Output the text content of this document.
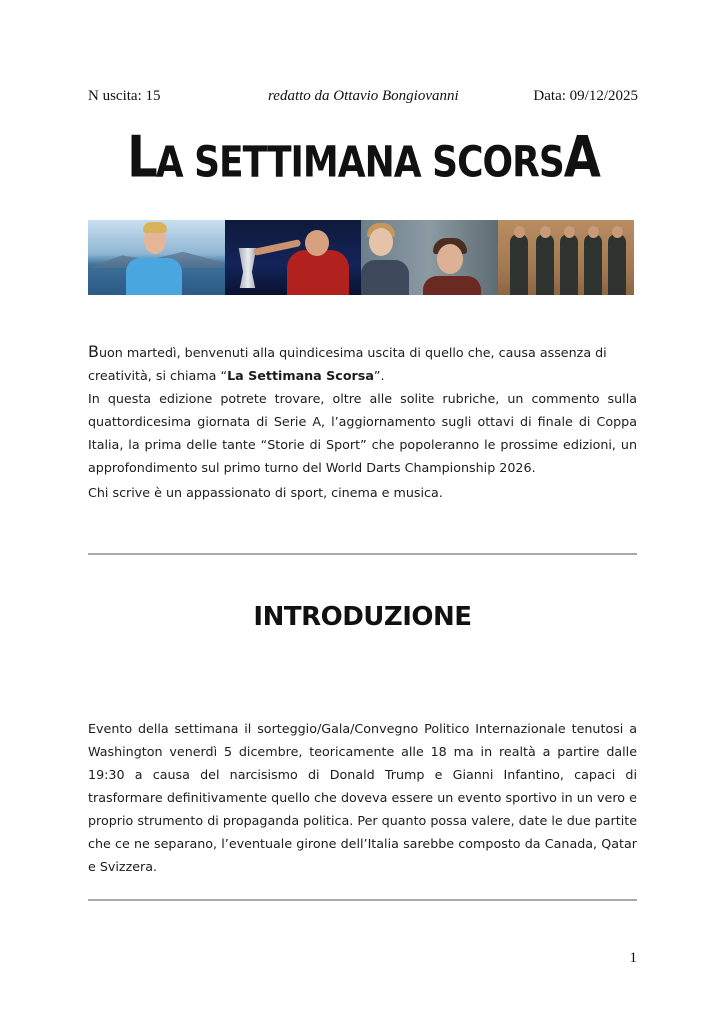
N uscita: 15	redatto da Ottavio Bongiovanni	Data: 09/12/2025
LA SETTIMANA SCORSA

Buon martedì, benvenuti alla quindicesima uscita di quello che, causa assenza di creatività, si chiama “La Settimana Scorsa”.

In questa edizione potrete trovare, oltre alle solite rubriche, un commento sulla quattordicesima giornata di Serie A, l’aggiornamento sugli ottavi di finale di Coppa Italia, la prima delle tante “Storie di Sport” che popoleranno le prossime edizioni, un approfondimento sul primo turno del World Darts Championship 2026.

Chi scrive è un appassionato di sport, cinema e musica.

INTRODUZIONE

Evento della settimana il sorteggio/Gala/Convegno Politico Internazionale tenutosi a Washington venerdì 5 dicembre, teoricamente alle 18 ma in realtà a partire dalle 19:30 a causa del narcisismo di Donald Trump e Gianni Infantino, capaci di trasformare definitivamente quello che doveva essere un evento sportivo in un vero e proprio strumento di propaganda politica. Per quanto possa valere, date le due partite che ce ne separano, l’eventuale girone dell’Italia sarebbe composto da Canada, Qatar e Svizzera.

1
